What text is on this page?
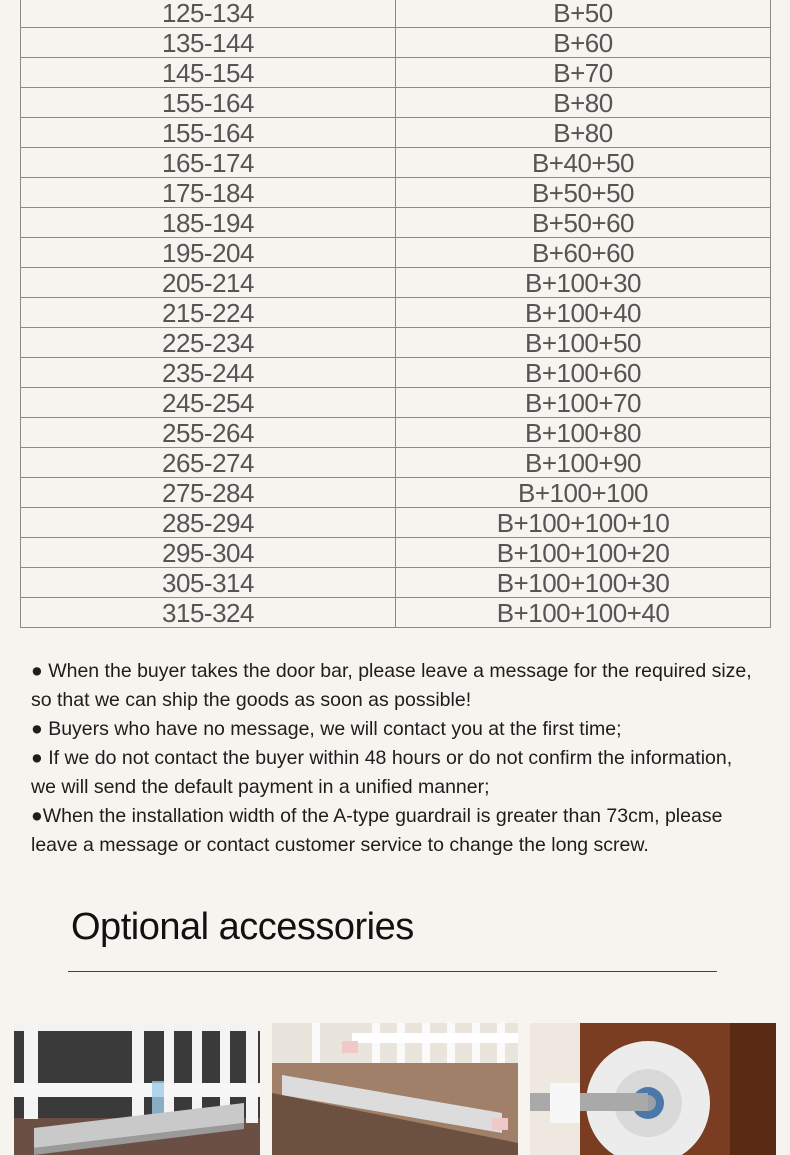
125-134	B+50
135-144	B+60
145-154	B+70
155-164	B+80
155-164	B+80
165-174	B+40+50
175-184	B+50+50
185-194	B+50+60
195-204	B+60+60
205-214	B+100+30
215-224	B+100+40
225-234	B+100+50
235-244	B+100+60
245-254	B+100+70
255-264	B+100+80
265-274	B+100+90
275-284	B+100+100
285-294	B+100+100+10
295-304	B+100+100+20
305-314	B+100+100+30
315-324	B+100+100+40

● When the buyer takes the door bar, please leave a message for the required size, so that we can ship the goods as soon as possible!

● Buyers who have no message, we will contact you at the first time;

● If we do not contact the buyer within 48 hours or do not confirm the information, we will send the default payment in a unified manner;

●When the installation width of the A-type guardrail is greater than 73cm, please leave a message or contact customer service to change the long screw.

Optional accessories
